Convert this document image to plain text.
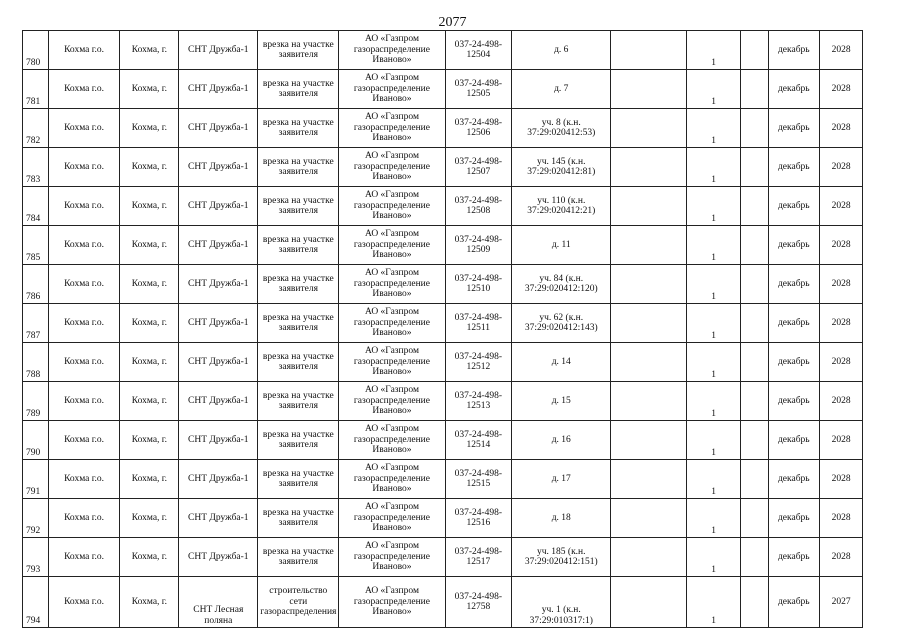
2077
780	Кохма г.о.	Кохма, г.	СНТ Дружба-1	врезка на участке заявителя	АО «Газпром газораспределение Иваново»	037-24-498-12504	д. 6		1		декабрь	2028
781	Кохма г.о.	Кохма, г.	СНТ Дружба-1	врезка на участке заявителя	АО «Газпром газораспределение Иваново»	037-24-498-12505	д. 7		1		декабрь	2028
782	Кохма г.о.	Кохма, г.	СНТ Дружба-1	врезка на участке заявителя	АО «Газпром газораспределение Иваново»	037-24-498-12506	уч. 8 (к.н. 37:29:020412:53)		1		декабрь	2028
783	Кохма г.о.	Кохма, г.	СНТ Дружба-1	врезка на участке заявителя	АО «Газпром газораспределение Иваново»	037-24-498-12507	уч. 145 (к.н. 37:29:020412:81)		1		декабрь	2028
784	Кохма г.о.	Кохма, г.	СНТ Дружба-1	врезка на участке заявителя	АО «Газпром газораспределение Иваново»	037-24-498-12508	уч. 110 (к.н. 37:29:020412:21)		1		декабрь	2028
785	Кохма г.о.	Кохма, г.	СНТ Дружба-1	врезка на участке заявителя	АО «Газпром газораспределение Иваново»	037-24-498-12509	д. 11		1		декабрь	2028
786	Кохма г.о.	Кохма, г.	СНТ Дружба-1	врезка на участке заявителя	АО «Газпром газораспределение Иваново»	037-24-498-12510	уч. 84 (к.н. 37:29:020412:120)		1		декабрь	2028
787	Кохма г.о.	Кохма, г.	СНТ Дружба-1	врезка на участке заявителя	АО «Газпром газораспределение Иваново»	037-24-498-12511	уч. 62 (к.н. 37:29:020412:143)		1		декабрь	2028
788	Кохма г.о.	Кохма, г.	СНТ Дружба-1	врезка на участке заявителя	АО «Газпром газораспределение Иваново»	037-24-498-12512	д. 14		1		декабрь	2028
789	Кохма г.о.	Кохма, г.	СНТ Дружба-1	врезка на участке заявителя	АО «Газпром газораспределение Иваново»	037-24-498-12513	д. 15		1		декабрь	2028
790	Кохма г.о.	Кохма, г.	СНТ Дружба-1	врезка на участке заявителя	АО «Газпром газораспределение Иваново»	037-24-498-12514	д. 16		1		декабрь	2028
791	Кохма г.о.	Кохма, г.	СНТ Дружба-1	врезка на участке заявителя	АО «Газпром газораспределение Иваново»	037-24-498-12515	д. 17		1		декабрь	2028
792	Кохма г.о.	Кохма, г.	СНТ Дружба-1	врезка на участке заявителя	АО «Газпром газораспределение Иваново»	037-24-498-12516	д. 18		1		декабрь	2028
793	Кохма г.о.	Кохма, г.	СНТ Дружба-1	врезка на участке заявителя	АО «Газпром газораспределение Иваново»	037-24-498-12517	уч. 185 (к.н. 37:29:020412:151)		1		декабрь	2028
794	Кохма г.о.	Кохма, г.	СНТ Лесная поляна	строительство сети газораспределения	АО «Газпром газораспределение Иваново»	037-24-498-12758	уч. 1 (к.н. 37:29:010317:1)		1		декабрь	2027
